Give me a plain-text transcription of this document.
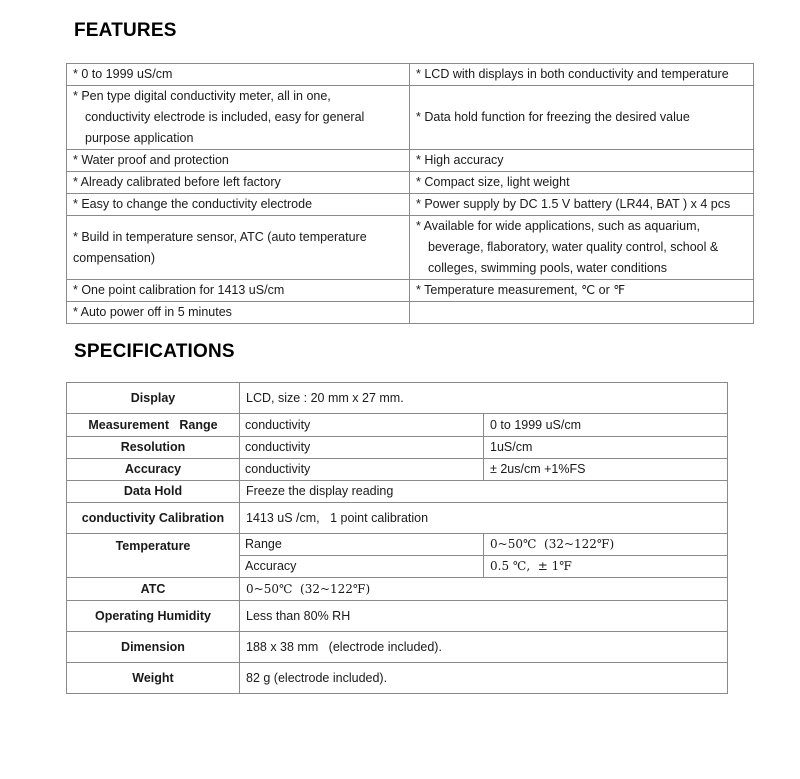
FEATURES
* 0 to 1999 uS/cm	* LCD with displays in both conductivity and temperature

* Pen type digital conductivity meter, all in one,
conductivity electrode is included, easy for general
purpose application	* Data hold function for freezing the desired value

* Water proof and protection	* High accuracy

* Already calibrated before left factory	* Compact size, light weight

* Easy to change the conductivity electrode	* Power supply by DC 1.5 V battery (LR44, BAT ) x 4 pcs

* Build in temperature sensor, ATC (auto temperature
compensation)	* Available for wide applications, such as aquarium,
beverage, flaboratory, water quality control, school &
colleges, swimming pools, water conditions

* One point calibration for 1413 uS/cm	* Temperature measurement, ℃ or ℉

* Auto power off in 5 minutes	

SPECIFICATIONS
Display	LCD, size : 20 mm x 27 mm.	
Measurement   Range	conductivity	0 to 1999 uS/cm
Resolution	conductivity	1uS/cm
Accuracy	conductivity	± 2us/cm +1%FS
Data Hold	Freeze the display reading	
conductivity Calibration	1413 uS /cm,   1 point calibration	
Temperature	Range	0~50℃  (32~122℉)
	Accuracy	0.5 ℃,  ± 1℉
ATC	0~50℃  (32~122℉)	
Operating Humidity	Less than 80% RH	
Dimension	188 x 38 mm   (electrode included).	
Weight	82 g (electrode included).	
